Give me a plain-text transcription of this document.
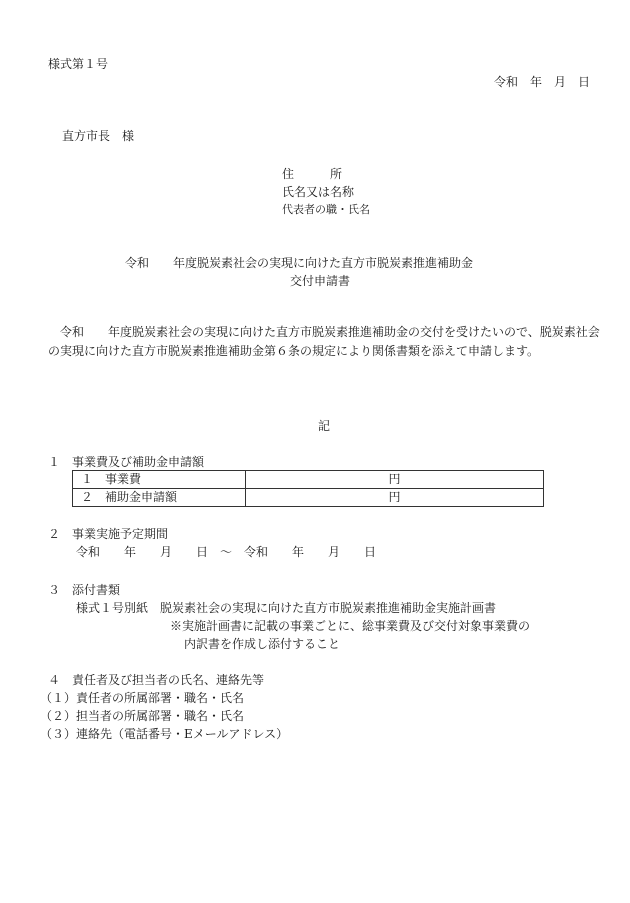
様式第１号
令和　年　月　日
直方市長　様
住　　　所
氏名又は名称
代表者の職・氏名
令和　　年度脱炭素社会の実現に向けた直方市脱炭素推進補助金
交付申請書
令和　　年度脱炭素社会の実現に向けた直方市脱炭素推進補助金の交付を受けたいので、脱炭素社会の実現に向けた直方市脱炭素推進補助金第６条の規定により関係書類を添えて申請します。
記
１　事業費及び補助金申請額
１　事業費	円
２　補助金申請額	円
２　事業実施予定期間
令和　　年　　月　　日　～　令和　　年　　月　　日
３　添付書類
様式１号別紙　脱炭素社会の実現に向けた直方市脱炭素推進補助金実施計画書
※実施計画書に記載の事業ごとに、総事業費及び交付対象事業費の
内訳書を作成し添付すること
４　責任者及び担当者の氏名、連絡先等
（１）責任者の所属部署・職名・氏名
（２）担当者の所属部署・職名・氏名
（３）連絡先（電話番号・Eメールアドレス）
